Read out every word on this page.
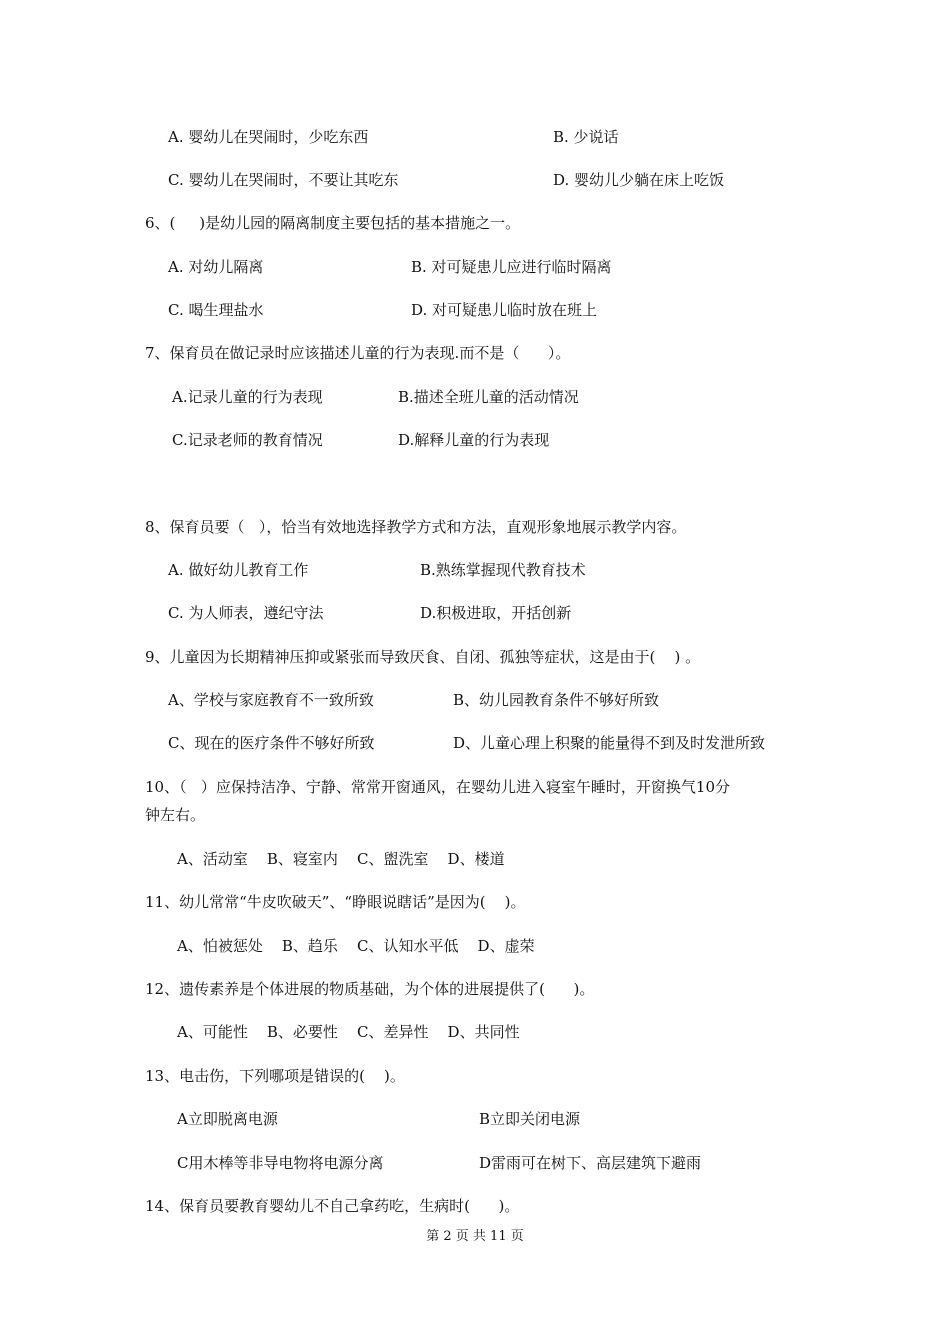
A. 婴幼儿在哭闹时，少吃东西	B. 少说话
C. 婴幼儿在哭闹时，不要让其吃东	D. 婴幼儿少躺在床上吃饭
6、(     )是幼儿园的隔离制度主要包括的基本措施之一。
A. 对幼儿隔离	B. 对可疑患儿应进行临时隔离
C. 喝生理盐水	D. 对可疑患儿临时放在班上
7、保育员在做记录时应该描述儿童的行为表现.而不是（      ）。
A.记录儿童的行为表现	B.描述全班儿童的活动情况
C.记录老师的教育情况	D.解释儿童的行为表现
8、保育员要（   ），恰当有效地选择教学方式和方法，直观形象地展示教学内容。
A. 做好幼儿教育工作	B.熟练掌握现代教育技术
C. 为人师表，遵纪守法	D.积极进取，开括创新
9、儿童因为长期精神压抑或紧张而导致厌食、自闭、孤独等症状，这是由于(    ) 。
A、学校与家庭教育不一致所致	B、幼儿园教育条件不够好所致
C、现在的医疗条件不够好所致	D、儿童心理上积聚的能量得不到及时发泄所致
10、（   ）应保持洁净、宁静、常常开窗通风，在婴幼儿进入寝室午睡时，开窗换气10分
钟左右。
A、活动室    B、寝室内    C、盥洗室    D、楼道
11、幼儿常常“牛皮吹破天”、“睁眼说瞎话”是因为(    )。
A、怕被惩处    B、趋乐    C、认知水平低    D、虚荣
12、遗传素养是个体进展的物质基础，为个体的进展提供了(      )。
A、可能性    B、必要性    C、差异性    D、共同性
13、电击伤，下列哪项是错误的(    )。
A立即脱离电源	B立即关闭电源
C用木棒等非导电物将电源分离	D雷雨可在树下、高层建筑下避雨
14、保育员要教育婴幼儿不自己拿药吃，生病时(      )。
第 2 页 共 11 页
